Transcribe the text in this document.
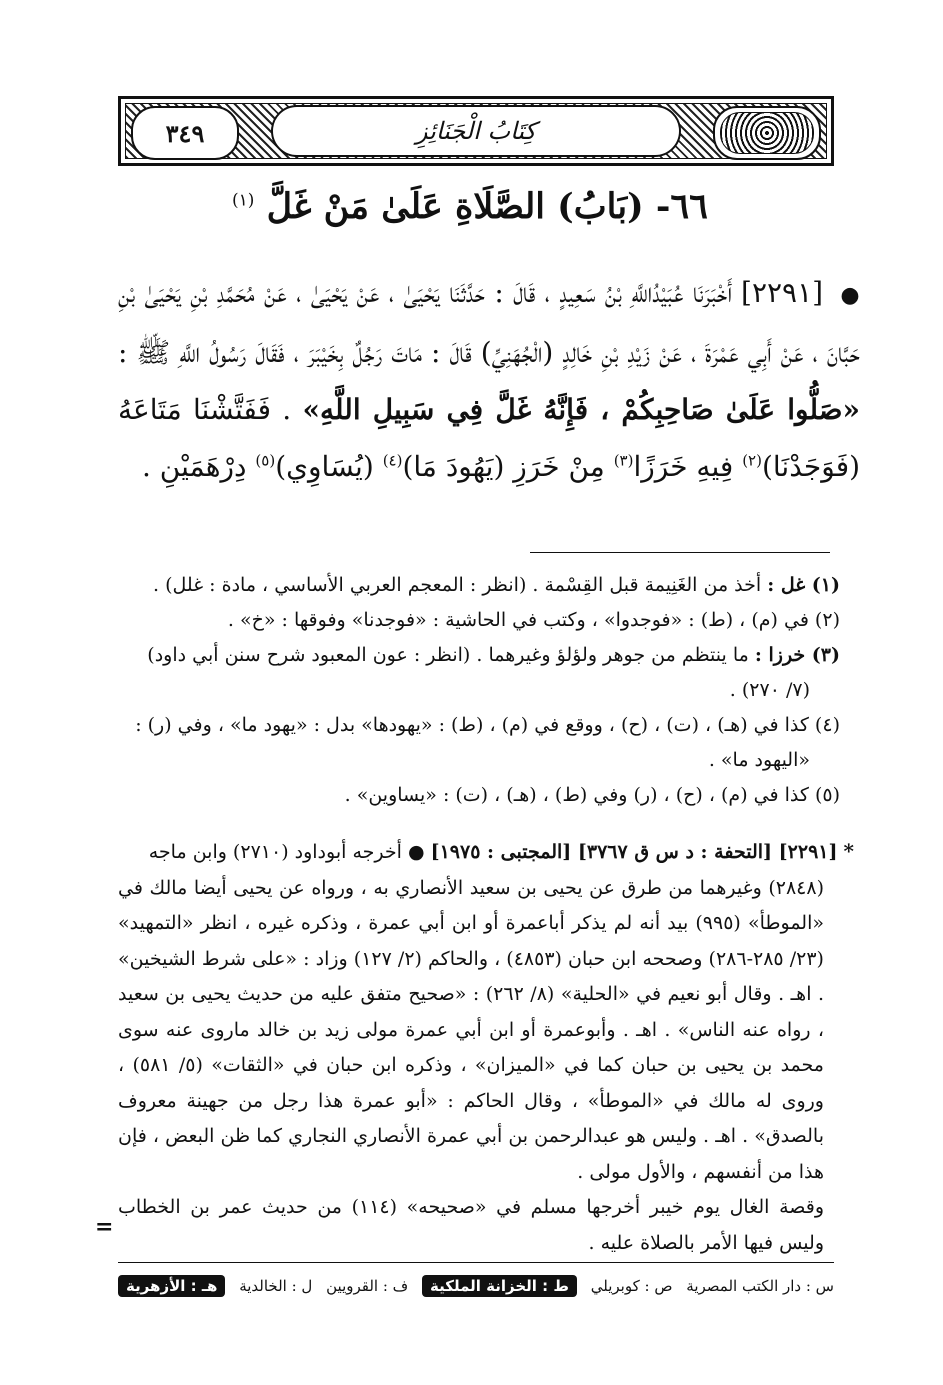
٣٤٩	كِتَابُ الْجَنَائِزِ
٦٦- (بَابُ) الصَّلَاةِ عَلَىٰ مَنْ غَلَّ $^{(١)}$
● [٢٢٩١] أَخْبَرَنَا عُبَيْدُاللَّهِ بْنُ سَعِيدٍ ، قَالَ : حَدَّثَنَا يَحْيَىٰ ، عَنْ يَحْيَىٰ ، عَنْ مُحَمَّدِ بْنِ يَحْيَىٰ بْنِ حَبَّانَ ، عَنْ أَبِي عَمْرَةَ ، عَنْ زَيْدِ بْنِ خَالِدٍ (الْجُهَنِيِّ) قَالَ : مَاتَ رَجُلٌ بِخَيْبَرَ ، فَقَالَ رَسُولُ اللَّهِ ﷺ : «صَلُّوا عَلَىٰ صَاحِبِكُمْ ، فَإِنَّهُ غَلَّ فِي سَبِيلِ اللَّهِ» . فَفَتَّشْنَا مَتَاعَهُ (فَوَجَدْنَا)$^{(٢)}$ فِيهِ خَرَزًا$^{(٣)}$ مِنْ خَرَزِ (يَهُودَ مَا)$^{(٤)}$ (يُسَاوِي)$^{(٥)}$ دِرْهَمَيْنِ .

(١) غل : أخذ من الغَنِيمة قبل القِسْمة . (انظر : المعجم العربي الأساسي ، مادة : غلل) .

(٢) في (م) ، (ط) : «فوجدوا» ، وكتب في الحاشية : «فوجدنا» وفوقها : «خ» .

(٣) خرزا : ما ينتظم من جوهر ولؤلؤ وغيرهما . (انظر : عون المعبود شرح سنن أبي داود)

(٧/ ٢٧٠) .

(٤) كذا في (هـ) ، (ت) ، (ح) ، ووقع في (م) ، (ط) : «يهودها» بدل : «يهود ما» ، وفي (ر) :

«اليهود ما» .

(٥) كذا في (م) ، (ح) ، (ر) وفي (ط) ، (هـ) ، (ت) : «يساوين» .

* [٢٢٩١] [التحفة : د س ق ٣٧٦٧] [المجتبى : ١٩٧٥] ● أخرجه أبوداود (٢٧١٠) وابن ماجه

(٢٨٤٨) وغيرهما من طرق عن يحيى بن سعيد الأنصاري به ، ورواه عن يحيى أيضا مالك في «الموطأ» (٩٩٥) بيد أنه لم يذكر أباعمرة أو ابن أبي عمرة ، وذكره غيره ، انظر «التمهيد» (٢٣/ ٢٨٥-٢٨٦) وصححه ابن حبان (٤٨٥٣) ، والحاكم (٢/ ١٢٧) وزاد : «على شرط الشيخين» . اهـ . وقال أبو نعيم في «الحلية» (٨/ ٢٦٢) : «صحيح متفق عليه من حديث يحيى بن سعيد ، رواه عنه الناس» . اهـ . وأبوعمرة أو ابن أبي عمرة مولى زيد بن خالد ماروى عنه سوى محمد بن يحيى بن حبان كما في «الميزان» ، وذكره ابن حبان في «الثقات» (٥/ ٥٨١) ، وروى له مالك في «الموطأ» ، وقال الحاكم : «أبو عمرة هذا رجل من جهينة معروف بالصدق» . اهـ . وليس هو عبدالرحمن بن أبي عمرة الأنصاري النجاري كما ظن البعض ، فإن هذا من أنفسهم ، والأول مولى .

وقصة الغال يوم خيبر أخرجها مسلم في «صحيحه» (١١٤) من حديث عمر بن الخطاب وليس فيها الأمر بالصلاة عليه .

=
س : دار الكتب المصرية
ص : كوبريلي
ط : الخزانة الملكية
ف : القرويين
ل : الخالدية
هـ : الأزهرية
